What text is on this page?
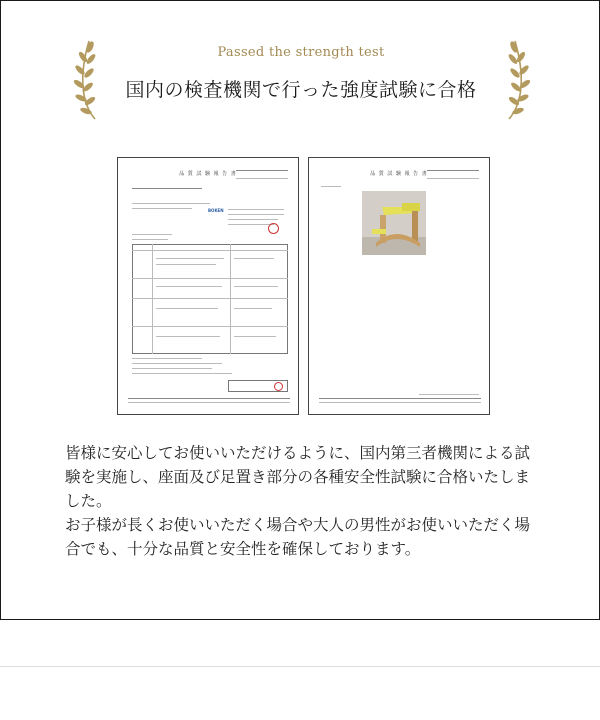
Passed the strength test
国内の検査機関で行った強度試験に合格
品 質 試 験 報 告 書
BOKEN
品 質 試 験 報 告 書

皆様に安心してお使いいただけるように、国内第三者機関による試験を実施し、座面及び足置き部分の各種安全性試験に合格いたしました。

お子様が長くお使いいただく場合や大人の男性がお使いいただく場合でも、十分な品質と安全性を確保しております。
